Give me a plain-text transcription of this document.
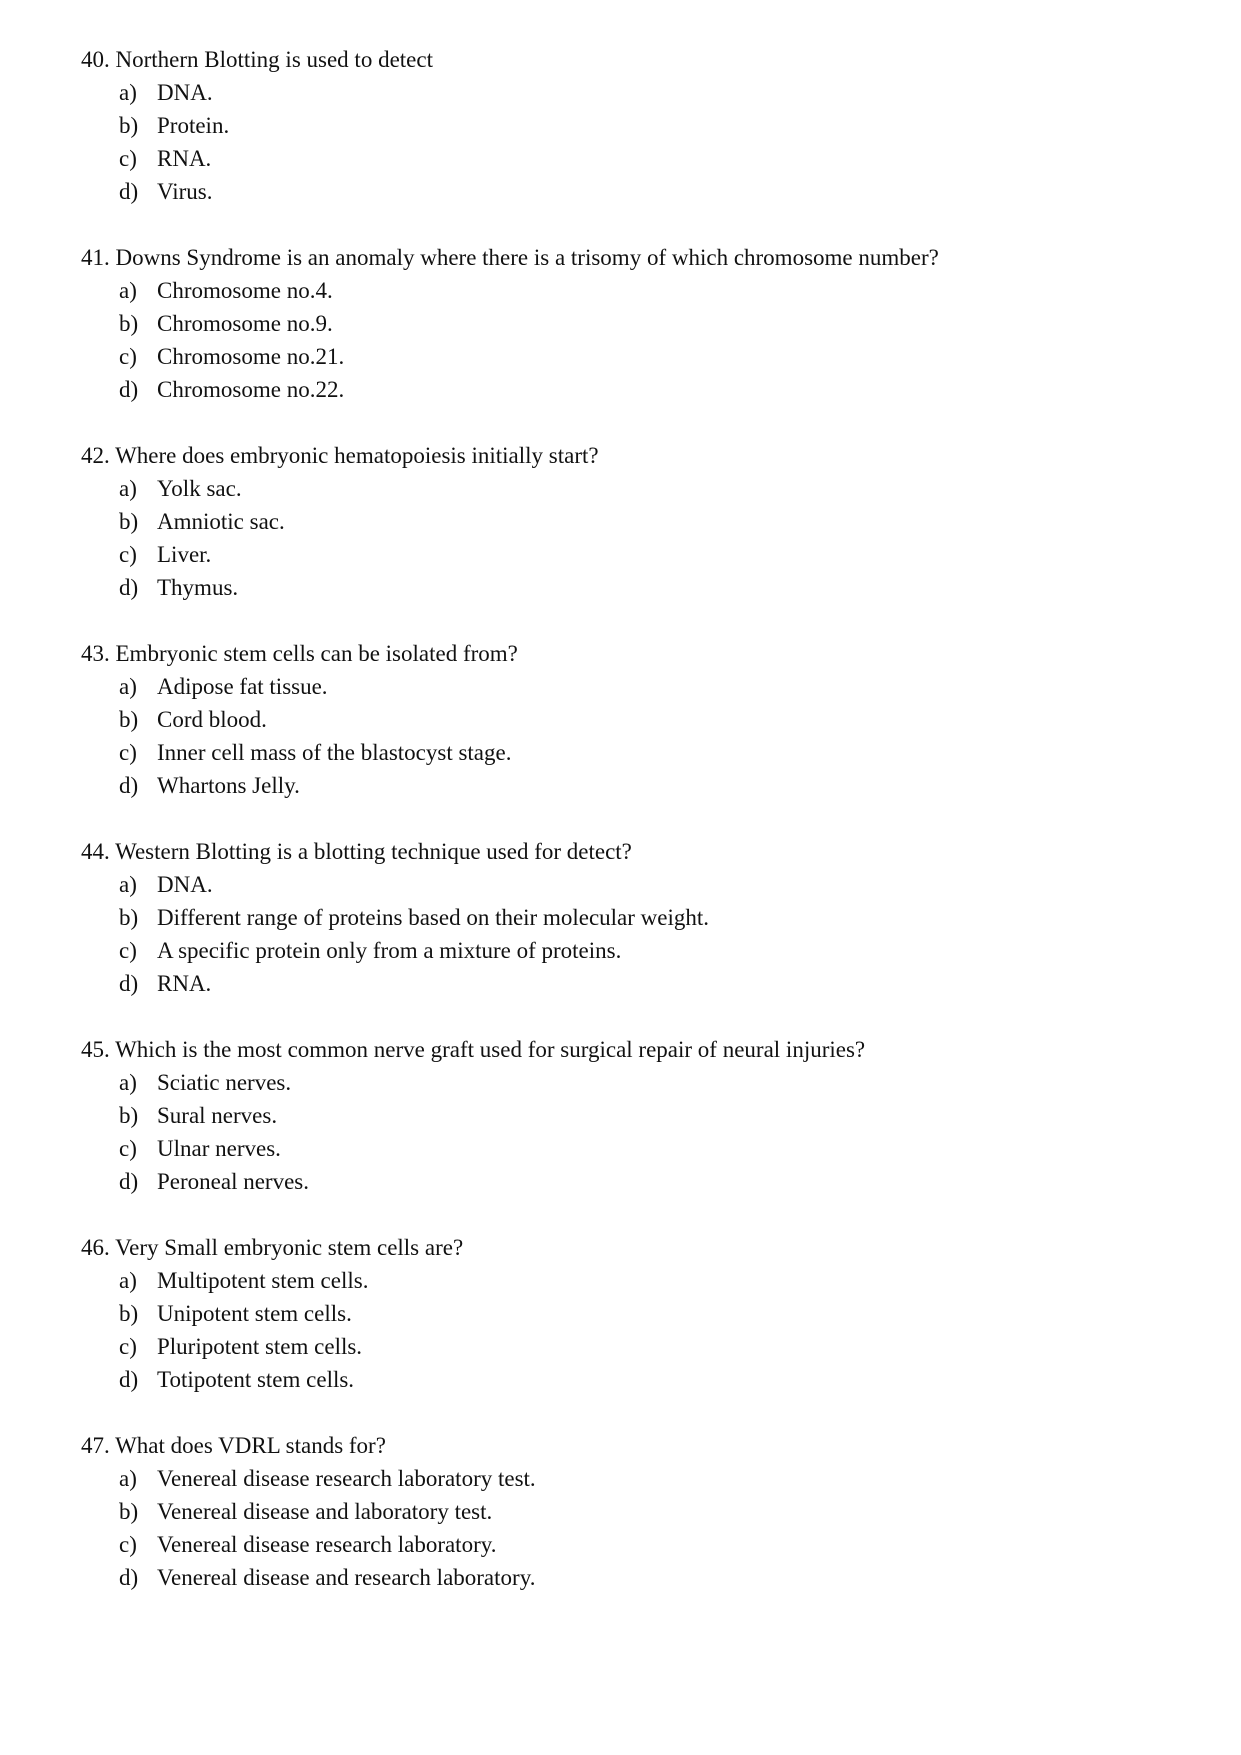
40. Northern Blotting is used to detect
a) DNA.
b) Protein.
c) RNA.
d) Virus.
41. Downs Syndrome is an anomaly where there is a trisomy of which chromosome number?
a) Chromosome no.4.
b) Chromosome no.9.
c) Chromosome no.21.
d) Chromosome no.22.
42. Where does embryonic hematopoiesis initially start?
a) Yolk sac.
b) Amniotic sac.
c) Liver.
d) Thymus.
43. Embryonic stem cells can be isolated from?
a) Adipose fat tissue.
b) Cord blood.
c) Inner cell mass of the blastocyst stage.
d) Whartons Jelly.
44. Western Blotting is a blotting technique used for detect?
a) DNA.
b) Different range of proteins based on their molecular weight.
c) A specific protein only from a mixture of proteins.
d) RNA.
45. Which is the most common nerve graft used for surgical repair of neural injuries?
a) Sciatic nerves.
b) Sural nerves.
c) Ulnar nerves.
d) Peroneal nerves.
46. Very Small embryonic stem cells are?
a) Multipotent stem cells.
b) Unipotent stem cells.
c) Pluripotent stem cells.
d) Totipotent stem cells.
47. What does VDRL stands for?
a) Venereal disease research laboratory test.
b) Venereal disease and laboratory test.
c) Venereal disease research laboratory.
d) Venereal disease and research laboratory.
